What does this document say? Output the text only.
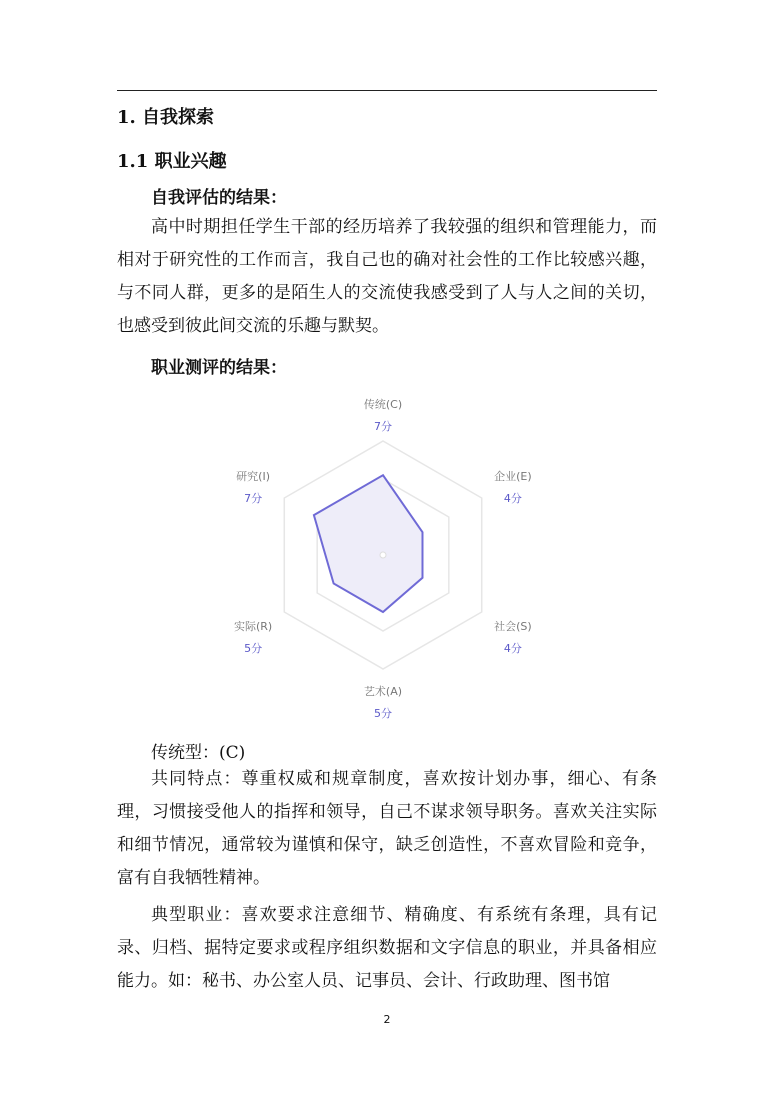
1. 自我探索
1.1 职业兴趣
自我评估的结果：

高中时期担任学生干部的经历培养了我较强的组织和管理能力，而相对于研究性的工作而言，我自己也的确对社会性的工作比较感兴趣，与不同人群，更多的是陌生人的交流使我感受到了人与人之间的关切，也感受到彼此间交流的乐趣与默契。

职业测评的结果：
传统(C)
7分
企业(E)
4分
社会(S)
4分
艺术(A)
5分
实际(R)
5分
研究(I)
7分
传统型：(C)

共同特点：尊重权威和规章制度，喜欢按计划办事，细心、有条理，习惯接受他人的指挥和领导，自己不谋求领导职务。喜欢关注实际和细节情况，通常较为谨慎和保守，缺乏创造性，不喜欢冒险和竞争，富有自我牺牲精神。

典型职业：喜欢要求注意细节、精确度、有系统有条理，具有记录、归档、据特定要求或程序组织数据和文字信息的职业，并具备相应能力。如：秘书、办公室人员、记事员、会计、行政助理、图书馆

2
